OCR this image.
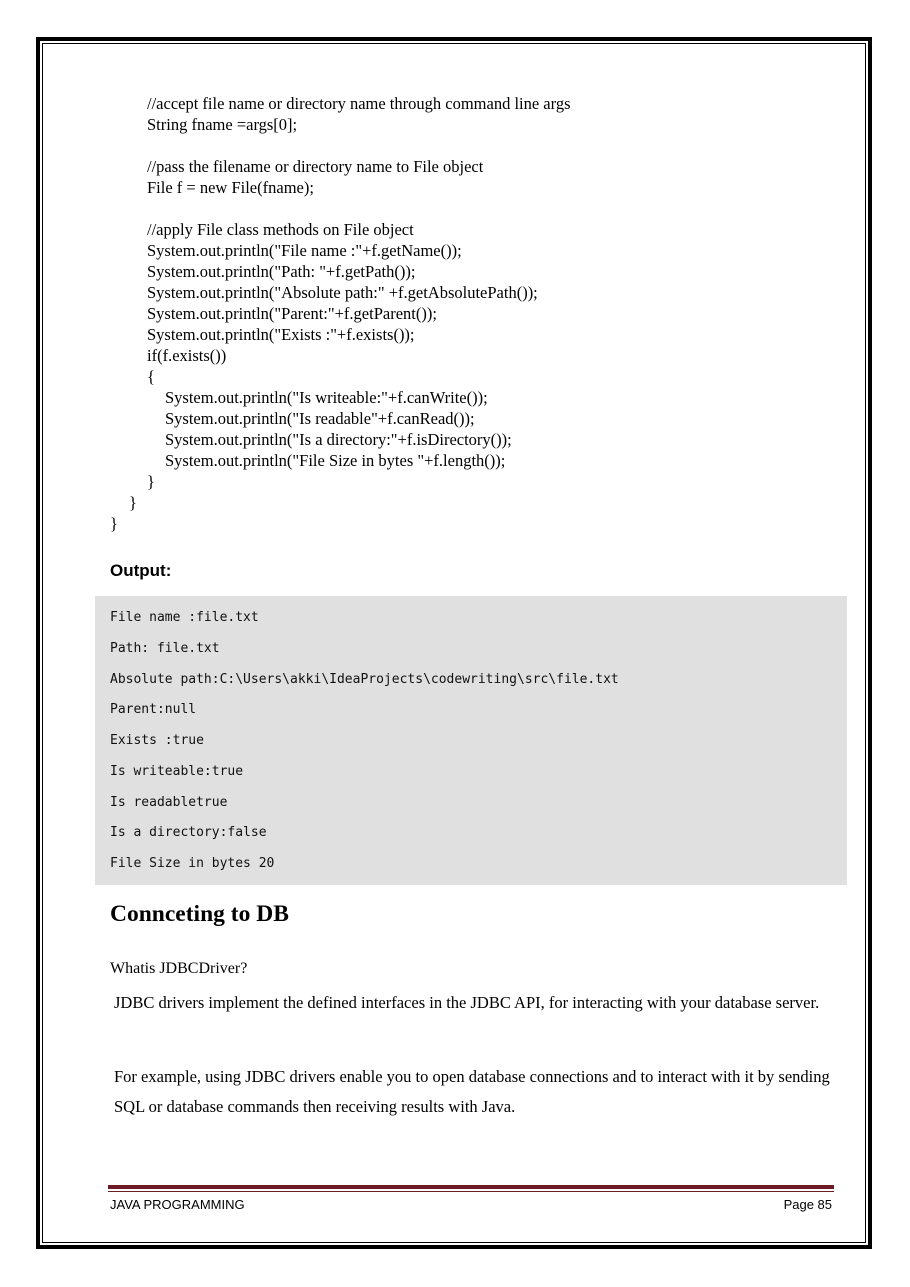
//accept file name or directory name through command line args
String fname =args[0];
//pass the filename or directory name to File object
File f = new File(fname);
//apply File class methods on File object
System.out.println("File name :"+f.getName());
System.out.println("Path: "+f.getPath());
System.out.println("Absolute path:" +f.getAbsolutePath());
System.out.println("Parent:"+f.getParent());
System.out.println("Exists :"+f.exists());
if(f.exists())
{
System.out.println("Is writeable:"+f.canWrite());
System.out.println("Is readable"+f.canRead());
System.out.println("Is a directory:"+f.isDirectory());
System.out.println("File Size in bytes "+f.length());
}
}
}
Output:
File name :file.txt
Path: file.txt
Absolute path:C:\Users\akki\IdeaProjects\codewriting\src\file.txt
Parent:null
Exists :true
Is writeable:true
Is readabletrue
Is a directory:false
File Size in bytes 20
Connceting to DB
Whatis JDBCDriver?
JDBC drivers implement the defined interfaces in the JDBC API, for interacting with your database server.
For example, using JDBC drivers enable you to open database connections and to interact with it by sending SQL or database commands then receiving results with Java.
JAVA PROGRAMMING	Page 85
